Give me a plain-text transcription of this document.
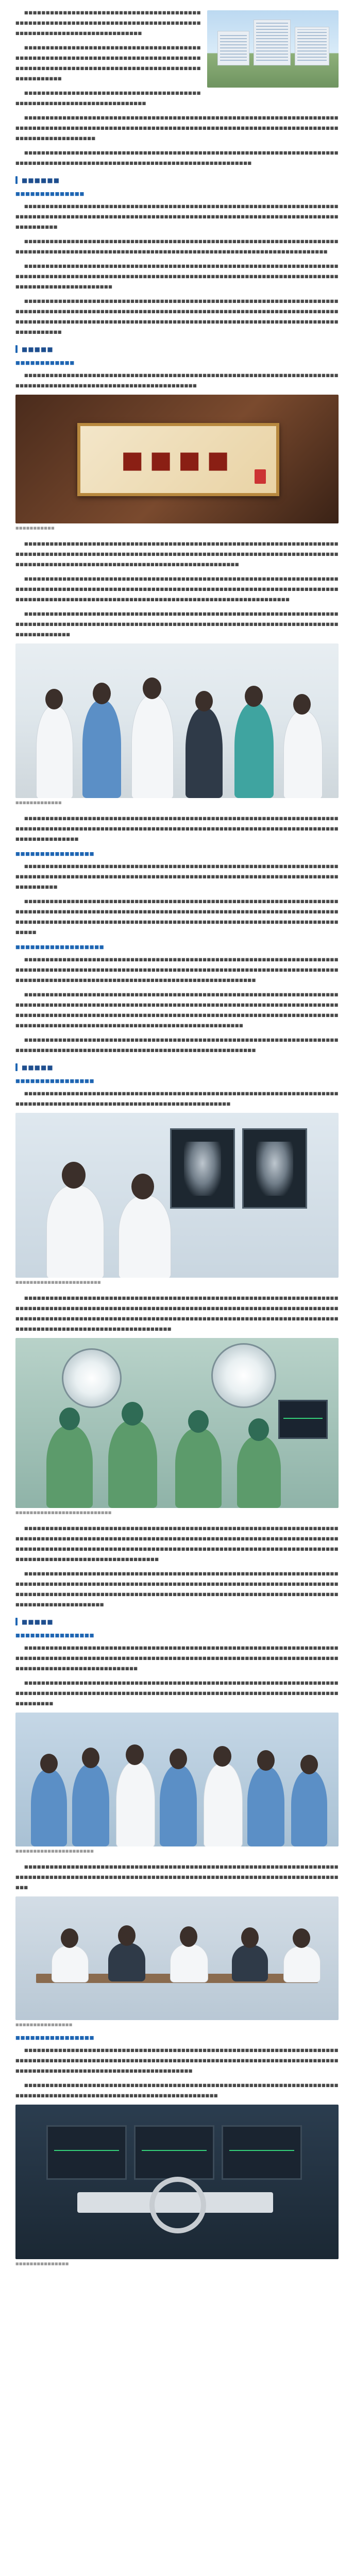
■■■■■■■■■■■■■■■■■■■■■■■■■■■■■■■■■■■■■■■■■■■■■■■■■■■■■■■■■■■■■■■■■■■■■■■■■■■■■■■■■■■■■■■■■■■■■■■■■■■■■■■■■■■■■■■■■■

■■■■■■■■■■■■■■■■■■■■■■■■■■■■■■■■■■■■■■■■■■■■■■■■■■■■■■■■■■■■■■■■■■■■■■■■■■■■■■■■■■■■■■■■■■■■■■■■■■■■■■■■■■■■■■■■■■■■■■■■■■■■■■■■■■■■■■■■■■

■■■■■■■■■■■■■■■■■■■■■■■■■■■■■■■■■■■■■■■■■■■■■■■■■■■■■■■■■■■■■■■■■■■■■■■■

■■■■■■■■■■■■■■■■■■■■■■■■■■■■■■■■■■■■■■■■■■■■■■■■■■■■■■■■■■■■■■■■■■■■■■■■■■■■■■■■■■■■■■■■■■■■■■■■■■■■■■■■■■■■■■■■■■■■■■■■■■■■■■■■■■■■■■■■■■■■■■■■■■■■■■■■■■■■■■■■■■■■■■■■■

■■■■■■■■■■■■■■■■■■■■■■■■■■■■■■■■■■■■■■■■■■■■■■■■■■■■■■■■■■■■■■■■■■■■■■■■■■■■■■■■■■■■■■■■■■■■■■■■■■■■■■■■■■■■■■■■■■■■■■■■■■■■■■■■■■

■■■■■■
■■■■■■■■■■■■■■

■■■■■■■■■■■■■■■■■■■■■■■■■■■■■■■■■■■■■■■■■■■■■■■■■■■■■■■■■■■■■■■■■■■■■■■■■■■■■■■■■■■■■■■■■■■■■■■■■■■■■■■■■■■■■■■■■■■■■■■■■■■■■■■■■■■■■■■■■■■■■■■■■■■■■■■■■■■■■■■■

■■■■■■■■■■■■■■■■■■■■■■■■■■■■■■■■■■■■■■■■■■■■■■■■■■■■■■■■■■■■■■■■■■■■■■■■■■■■■■■■■■■■■■■■■■■■■■■■■■■■■■■■■■■■■■■■■■■■■■■■■■■■■■■■■■■■■■■■■■■■■■■■■■■■

■■■■■■■■■■■■■■■■■■■■■■■■■■■■■■■■■■■■■■■■■■■■■■■■■■■■■■■■■■■■■■■■■■■■■■■■■■■■■■■■■■■■■■■■■■■■■■■■■■■■■■■■■■■■■■■■■■■■■■■■■■■■■■■■■■■■■■■■■■■■■■■■■■■■■■■■■■■■■■■■■■■■■■■■■■■■■

■■■■■■■■■■■■■■■■■■■■■■■■■■■■■■■■■■■■■■■■■■■■■■■■■■■■■■■■■■■■■■■■■■■■■■■■■■■■■■■■■■■■■■■■■■■■■■■■■■■■■■■■■■■■■■■■■■■■■■■■■■■■■■■■■■■■■■■■■■■■■■■■■■■■■■■■■■■■■■■■■■■■■■■■■■■■■■■■■■■■■■■■■■■■■■■■■■■■■■■■■■■■■■■■■■■■■■■■■■■■■■■■■■■■■■■■■■■■■

■■■■■
■■■■■■■■■■■■

■■■■■■■■■■■■■■■■■■■■■■■■■■■■■■■■■■■■■■■■■■■■■■■■■■■■■■■■■■■■■■■■■■■■■■■■■■■■■■■■■■■■■■■■■■■■■■■■■■■■■■■■■■■■■■■■■■■■■

■■■■
■■■■■■■■■■■

■■■■■■■■■■■■■■■■■■■■■■■■■■■■■■■■■■■■■■■■■■■■■■■■■■■■■■■■■■■■■■■■■■■■■■■■■■■■■■■■■■■■■■■■■■■■■■■■■■■■■■■■■■■■■■■■■■■■■■■■■■■■■■■■■■■■■■■■■■■■■■■■■■■■■■■■■■■■■■■■■■■■■■■■■■■■■■■■■■■■■■■■■■■■■■■■■■■■■■■■■■■

■■■■■■■■■■■■■■■■■■■■■■■■■■■■■■■■■■■■■■■■■■■■■■■■■■■■■■■■■■■■■■■■■■■■■■■■■■■■■■■■■■■■■■■■■■■■■■■■■■■■■■■■■■■■■■■■■■■■■■■■■■■■■■■■■■■■■■■■■■■■■■■■■■■■■■■■■■■■■■■■■■■■■■■■■■■■■■■■■■■■■■■■■■■■■■■■■■■■■■■■■■■■■■■■■■■■■■■

■■■■■■■■■■■■■■■■■■■■■■■■■■■■■■■■■■■■■■■■■■■■■■■■■■■■■■■■■■■■■■■■■■■■■■■■■■■■■■■■■■■■■■■■■■■■■■■■■■■■■■■■■■■■■■■■■■■■■■■■■■■■■■■■■■■■■■■■■■■■■■■■■■■■■■■■■■■■■■■■■■■

■■■■■■■■■■■■■

■■■■■■■■■■■■■■■■■■■■■■■■■■■■■■■■■■■■■■■■■■■■■■■■■■■■■■■■■■■■■■■■■■■■■■■■■■■■■■■■■■■■■■■■■■■■■■■■■■■■■■■■■■■■■■■■■■■■■■■■■■■■■■■■■■■■■■■■■■■■■■■■■■■■■■■■■■■■■■■■■■■■■

■■■■■■■■■■■■■■■■

■■■■■■■■■■■■■■■■■■■■■■■■■■■■■■■■■■■■■■■■■■■■■■■■■■■■■■■■■■■■■■■■■■■■■■■■■■■■■■■■■■■■■■■■■■■■■■■■■■■■■■■■■■■■■■■■■■■■■■■■■■■■■■■■■■■■■■■■■■■■■■■■■■■■■■■■■■■■■■■■

■■■■■■■■■■■■■■■■■■■■■■■■■■■■■■■■■■■■■■■■■■■■■■■■■■■■■■■■■■■■■■■■■■■■■■■■■■■■■■■■■■■■■■■■■■■■■■■■■■■■■■■■■■■■■■■■■■■■■■■■■■■■■■■■■■■■■■■■■■■■■■■■■■■■■■■■■■■■■■■■■■■■■■■■■■■■■■■■■■■■■■■■■■■■■■■■■■■■■■■■■■■■■■■■■■■■■■■■■■■■■■■■■■■■■■■

■■■■■■■■■■■■■■■■■■

■■■■■■■■■■■■■■■■■■■■■■■■■■■■■■■■■■■■■■■■■■■■■■■■■■■■■■■■■■■■■■■■■■■■■■■■■■■■■■■■■■■■■■■■■■■■■■■■■■■■■■■■■■■■■■■■■■■■■■■■■■■■■■■■■■■■■■■■■■■■■■■■■■■■■■■■■■■■■■■■■■■■■■■■■■■■■■■■■■■■■■■■■■■■■■■■■■■■■■■■■■■■■■■

■■■■■■■■■■■■■■■■■■■■■■■■■■■■■■■■■■■■■■■■■■■■■■■■■■■■■■■■■■■■■■■■■■■■■■■■■■■■■■■■■■■■■■■■■■■■■■■■■■■■■■■■■■■■■■■■■■■■■■■■■■■■■■■■■■■■■■■■■■■■■■■■■■■■■■■■■■■■■■■■■■■■■■■■■■■■■■■■■■■■■■■■■■■■■■■■■■■■■■■■■■■■■■■■■■■■■■■■■■■■■■■■■■■■■■■■■■■■■■■■■■■■■■■■■■■■■■■■■■■■■■■■■■■■■■■■■■■■■■■■

■■■■■■■■■■■■■■■■■■■■■■■■■■■■■■■■■■■■■■■■■■■■■■■■■■■■■■■■■■■■■■■■■■■■■■■■■■■■■■■■■■■■■■■■■■■■■■■■■■■■■■■■■■■■■■■■■■■■■■■■■■■■■■■■■■■

■■■■■
■■■■■■■■■■■■■■■■

■■■■■■■■■■■■■■■■■■■■■■■■■■■■■■■■■■■■■■■■■■■■■■■■■■■■■■■■■■■■■■■■■■■■■■■■■■■■■■■■■■■■■■■■■■■■■■■■■■■■■■■■■■■■■■■■■■■■■■■■■■■■■

■■■■■■■■■■■■■■■■■■■■■■■■

■■■■■■■■■■■■■■■■■■■■■■■■■■■■■■■■■■■■■■■■■■■■■■■■■■■■■■■■■■■■■■■■■■■■■■■■■■■■■■■■■■■■■■■■■■■■■■■■■■■■■■■■■■■■■■■■■■■■■■■■■■■■■■■■■■■■■■■■■■■■■■■■■■■■■■■■■■■■■■■■■■■■■■■■■■■■■■■■■■■■■■■■■■■■■■■■■■■■■■■■■■■■■■■■■■■■■■■■■■■■■■■■■■■■■■■■■■■■■■■■■■■■■■■■■■■■■■■■■■■■■■■

■■■■■■■■■■■■■■■■■■■■■■■■■■■

■■■■■■■■■■■■■■■■■■■■■■■■■■■■■■■■■■■■■■■■■■■■■■■■■■■■■■■■■■■■■■■■■■■■■■■■■■■■■■■■■■■■■■■■■■■■■■■■■■■■■■■■■■■■■■■■■■■■■■■■■■■■■■■■■■■■■■■■■■■■■■■■■■■■■■■■■■■■■■■■■■■■■■■■■■■■■■■■■■■■■■■■■■■■■■■■■■■■■■■■■■■■■■■■■■■■■■■■■■■■■■■■■■■■■■■■■■■■■■■■■■■■■■■■■■■■■■■■■■■■

■■■■■■■■■■■■■■■■■■■■■■■■■■■■■■■■■■■■■■■■■■■■■■■■■■■■■■■■■■■■■■■■■■■■■■■■■■■■■■■■■■■■■■■■■■■■■■■■■■■■■■■■■■■■■■■■■■■■■■■■■■■■■■■■■■■■■■■■■■■■■■■■■■■■■■■■■■■■■■■■■■■■■■■■■■■■■■■■■■■■■■■■■■■■■■■■■■■■■■■■■■■■■■■■■■■■■■■■■■■■■■■■■■■■■■■■■■■■■■■■■■■■■■■

■■■■■
■■■■■■■■■■■■■■■■

■■■■■■■■■■■■■■■■■■■■■■■■■■■■■■■■■■■■■■■■■■■■■■■■■■■■■■■■■■■■■■■■■■■■■■■■■■■■■■■■■■■■■■■■■■■■■■■■■■■■■■■■■■■■■■■■■■■■■■■■■■■■■■■■■■■■■■■■■■■■■■■■■■■■■■■■■■■■■■■■■■■■■■■■■■■■■■■■■■■

■■■■■■■■■■■■■■■■■■■■■■■■■■■■■■■■■■■■■■■■■■■■■■■■■■■■■■■■■■■■■■■■■■■■■■■■■■■■■■■■■■■■■■■■■■■■■■■■■■■■■■■■■■■■■■■■■■■■■■■■■■■■■■■■■■■■■■■■■■■■■■■■■■■■■■■■■■■■■■■

■■■■■■■■■■■■■■■■■■■■■■

■■■■■■■■■■■■■■■■■■■■■■■■■■■■■■■■■■■■■■■■■■■■■■■■■■■■■■■■■■■■■■■■■■■■■■■■■■■■■■■■■■■■■■■■■■■■■■■■■■■■■■■■■■■■■■■■■■■■■■■■■■■■■■■■■■■■■■■■■■■■■■■■■■■■■■■■■

■■■■■■■■■■■■■■■■
■■■■■■■■■■■■■■■■

■■■■■■■■■■■■■■■■■■■■■■■■■■■■■■■■■■■■■■■■■■■■■■■■■■■■■■■■■■■■■■■■■■■■■■■■■■■■■■■■■■■■■■■■■■■■■■■■■■■■■■■■■■■■■■■■■■■■■■■■■■■■■■■■■■■■■■■■■■■■■■■■■■■■■■■■■■■■■■■■■■■■■■■■■■■■■■■■■■■■■■■■■■■■■■■■

■■■■■■■■■■■■■■■■■■■■■■■■■■■■■■■■■■■■■■■■■■■■■■■■■■■■■■■■■■■■■■■■■■■■■■■■■■■■■■■■■■■■■■■■■■■■■■■■■■■■■■■■■■■■■■■■■■■■■■■■■■

■■■■■■■■■■■■■■■
